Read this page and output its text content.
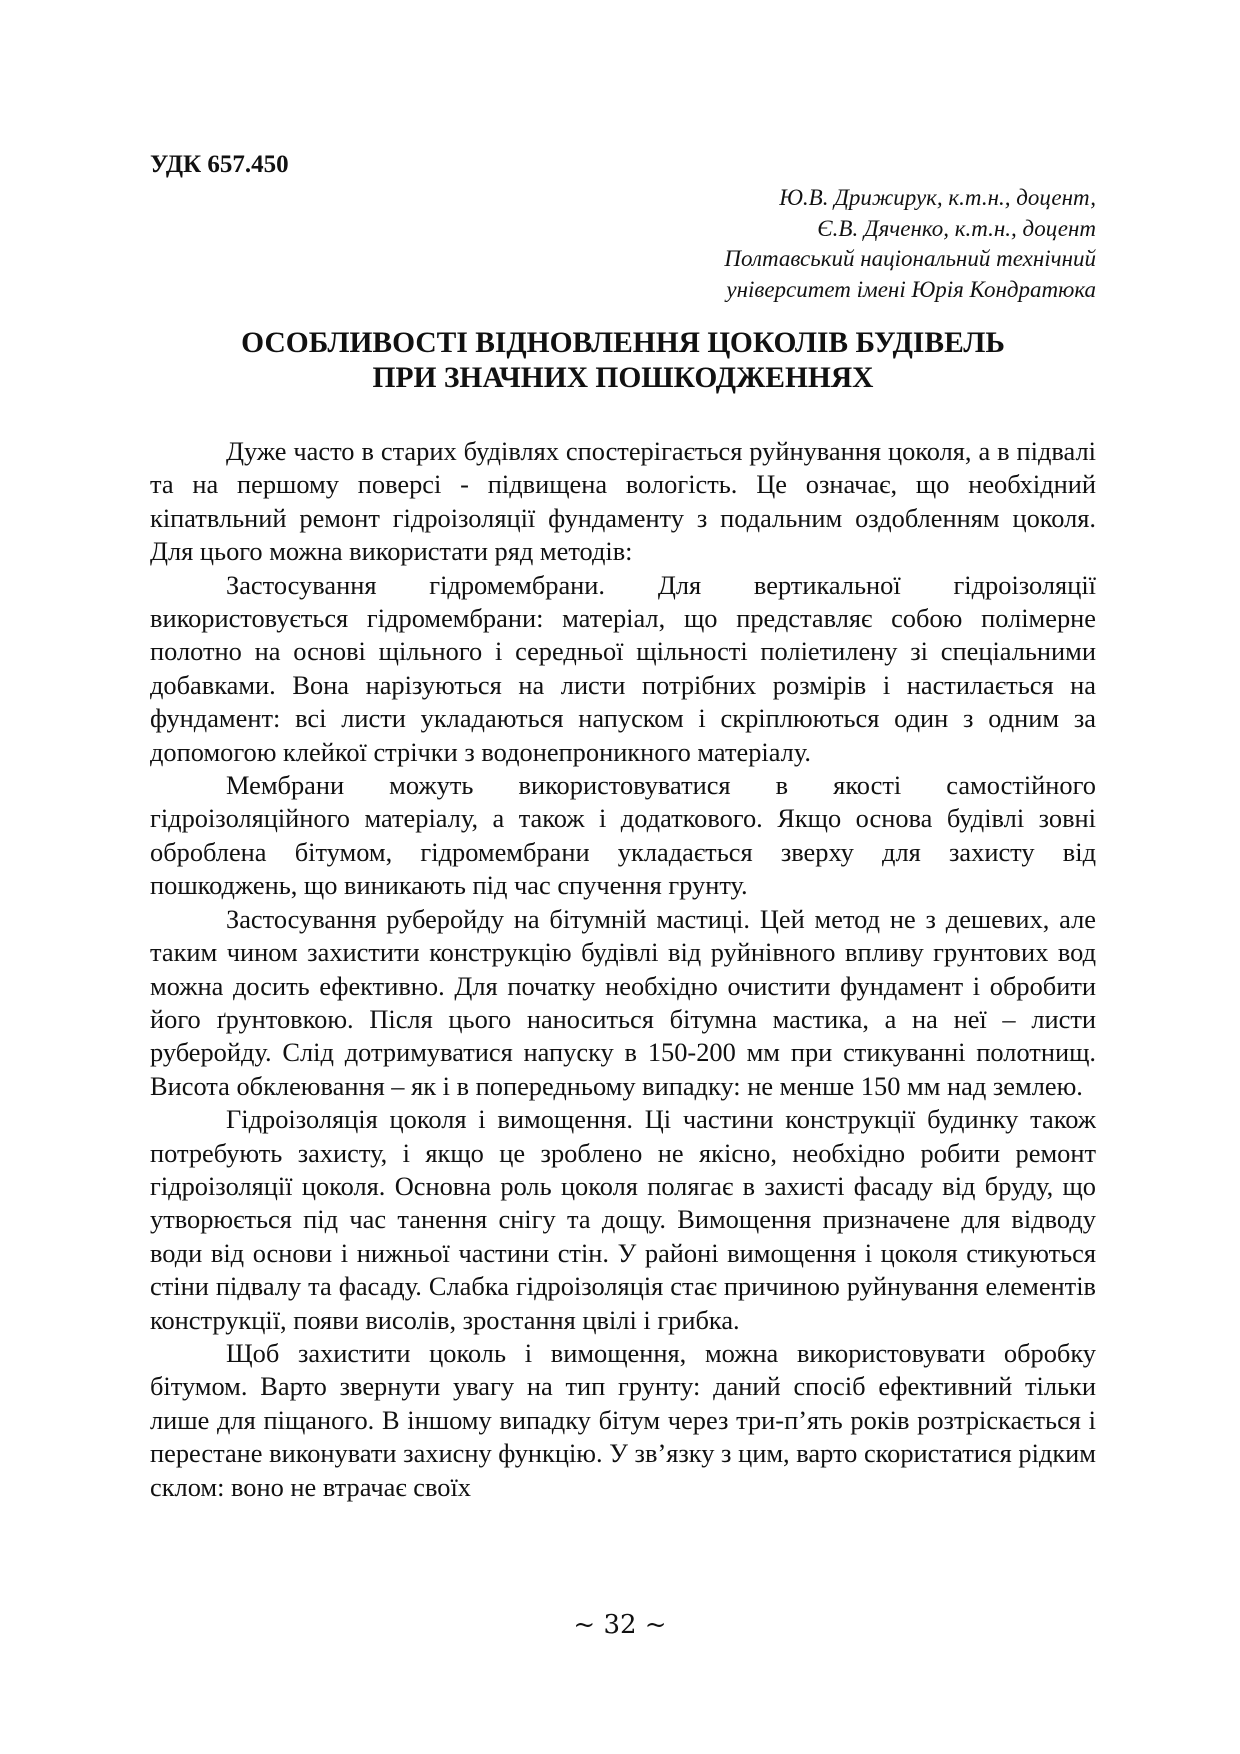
УДК 657.450
Ю.В. Дрижирук, к.т.н., доцент,
Є.В. Дяченко, к.т.н., доцент
Полтавський національний технічний
університет імені Юрія Кондратюка
ОСОБЛИВОСТІ ВІДНОВЛЕННЯ ЦОКОЛІВ БУДІВЕЛЬ
ПРИ ЗНАЧНИХ ПОШКОДЖЕННЯХ

Дуже часто в старих будівлях спостерігається руйнування цоколя, а в підвалі та на першому поверсі - підвищена вологість. Це означає, що необхідний кіпатвльний ремонт гідроізоляції фундаменту з подальним оздобленням цоколя. Для цього можна використати ряд методів:

Застосування гідромембрани. Для вертикальної гідроізоляції використовується гідромембрани: матеріал, що представляє собою полімерне полотно на основі щільного і середньої щільності поліетилену зі спеціальними добавками. Вона нарізуються на листи потрібних розмірів і настилається на фундамент: всі листи укладаються напуском і скріплюються один з одним за допомогою клейкої стрічки з водонепроникного матеріалу.

Мембрани можуть використовуватися в якості самостійного гідроізоляційного матеріалу, а також і додаткового. Якщо основа будівлі зовні оброблена бітумом, гідромембрани укладається зверху для захисту від пошкоджень, що виникають під час спучення грунту.

Застосування руберойду на бітумній мастиці. Цей метод не з дешевих, але таким чином захистити конструкцію будівлі від руйнівного впливу грунтових вод можна досить ефективно. Для початку необхідно очистити фундамент і обробити його ґрунтовкою. Після цього наноситься бітумна мастика, а на неї – листи руберойду. Слід дотримуватися напуску в 150-200 мм при стикуванні полотнищ. Висота обклеювання – як і в попередньому випадку: не менше 150 мм над землею.

Гідроізоляція цоколя і вимощення. Ці частини конструкції будинку також потребують захисту, і якщо це зроблено не якісно, необхідно робити ремонт гідроізоляції цоколя. Основна роль цоколя полягає в захисті фасаду від бруду, що утворюється під час танення снігу та дощу. Вимощення призначене для відводу води від основи і нижньої частини стін. У районі вимощення і цоколя стикуються стіни підвалу та фасаду. Слабка гідроізоляція стає причиною руйнування елементів конструкції, появи висолів, зростання цвілі і грибка.

Щоб захистити цоколь і вимощення, можна використовувати обробку бітумом. Варто звернути увагу на тип грунту: даний спосіб ефективний тільки лише для піщаного. В іншому випадку бітум через три-п’ять років розтріскається і перестане виконувати захисну функцію. У зв’язку з цим, варто скористатися рідким склом: воно не втрачає своїх

~ 32 ~
